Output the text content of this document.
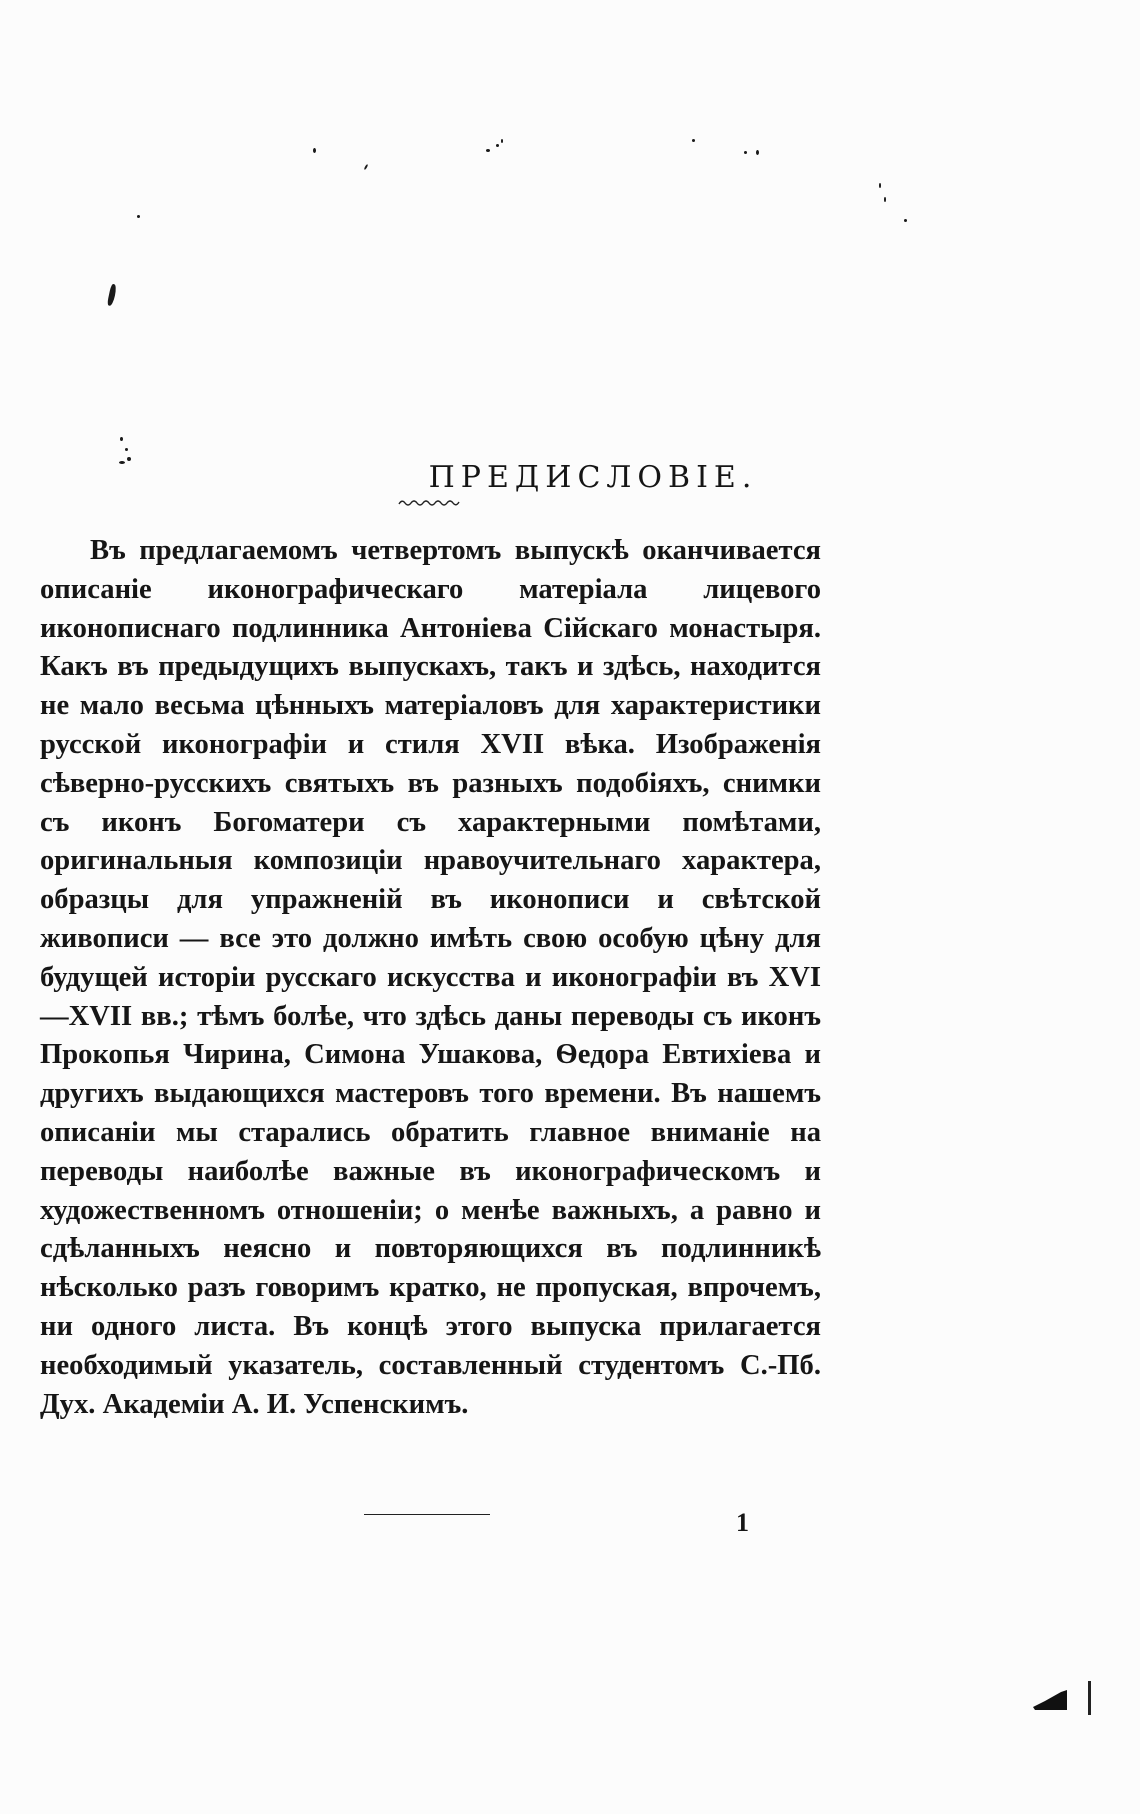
ПРЕДИСЛОВІЕ.

Въ предлагаемомъ четвертомъ выпускѣ оканчивается описаніе иконографическаго матеріала лицевого иконописнаго подлинника Антоніева Сійскаго монастыря. Какъ въ предыдущихъ выпускахъ, такъ и здѣсь, находится не мало весьма цѣнныхъ матеріаловъ для характеристики русской иконографіи и стиля XVII вѣка. Изображенія сѣверно-русскихъ святыхъ въ разныхъ подобіяхъ, снимки съ иконъ Богоматери съ характерными помѣтами, оригинальныя композиціи нравоучительнаго характера, образцы для упражненій въ иконописи и свѣтской живописи — все это должно имѣть свою особую цѣну для будущей исторіи русскаго искусства и иконографіи въ XVI—XVII вв.; тѣмъ болѣе, что здѣсь даны переводы съ иконъ Прокопья Чирина, Симона Ушакова, Ѳедора Евтихіева и другихъ выдающихся мастеровъ того времени. Въ нашемъ описаніи мы старались обратить главное вниманіе на переводы наиболѣе важные въ иконографическомъ и художественномъ отношеніи; о менѣе важныхъ, а равно и сдѣланныхъ неясно и повторяющихся въ подлинникѣ нѣсколько разъ говоримъ кратко, не пропуская, впрочемъ, ни одного листа. Въ концѣ этого выпуска прилагается необходимый указатель, составленный студентомъ С.-Пб. Дух. Академіи А. И. Успенскимъ.

1
